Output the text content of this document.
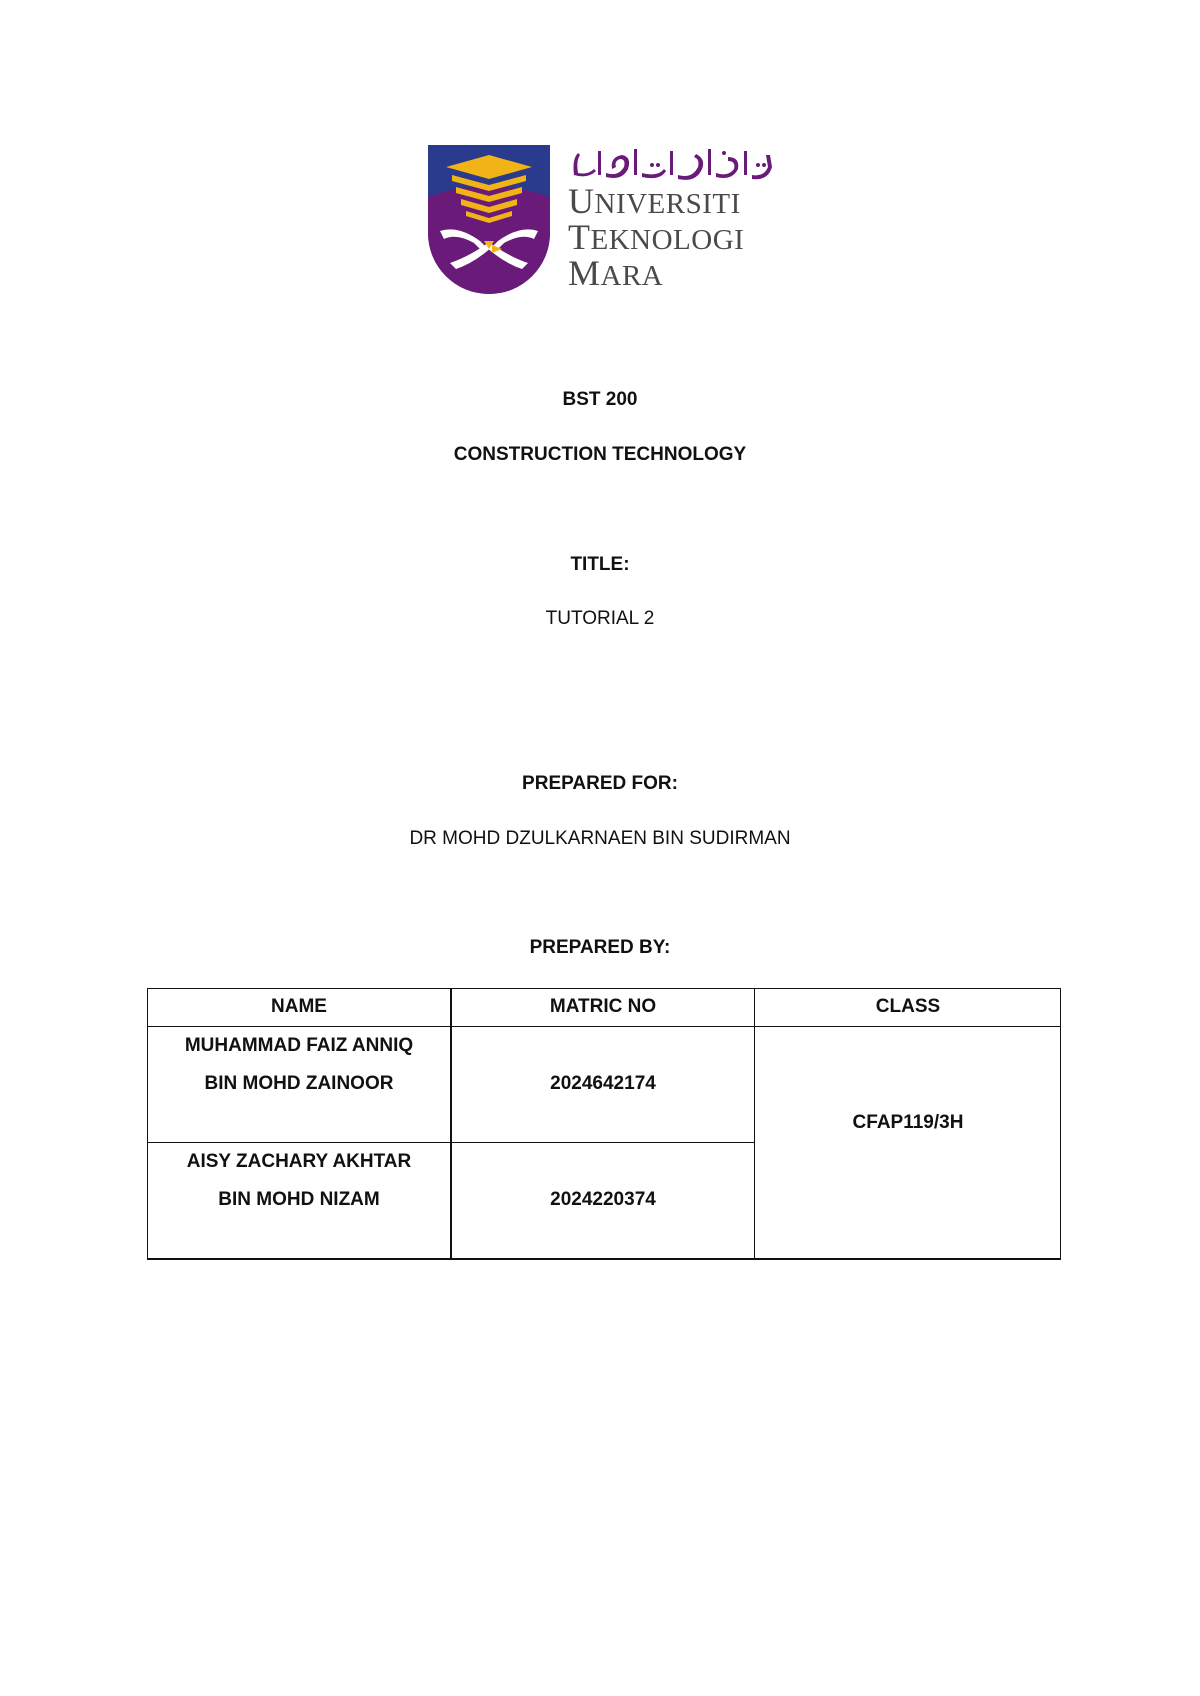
UNIVERSITI
TEKNOLOGI
MARA
BST 200
CONSTRUCTION TECHNOLOGY
TITLE:
TUTORIAL 2
PREPARED FOR:
DR MOHD DZULKARNAEN BIN SUDIRMAN
PREPARED BY:
NAME	MATRIC NO	CLASS
MUHAMMAD FAIZ ANNIQ
BIN MOHD ZAINOOR	2024642174
AISY ZACHARY AKHTAR
BIN MOHD NIZAM	2024220374
CFAP119/3H
